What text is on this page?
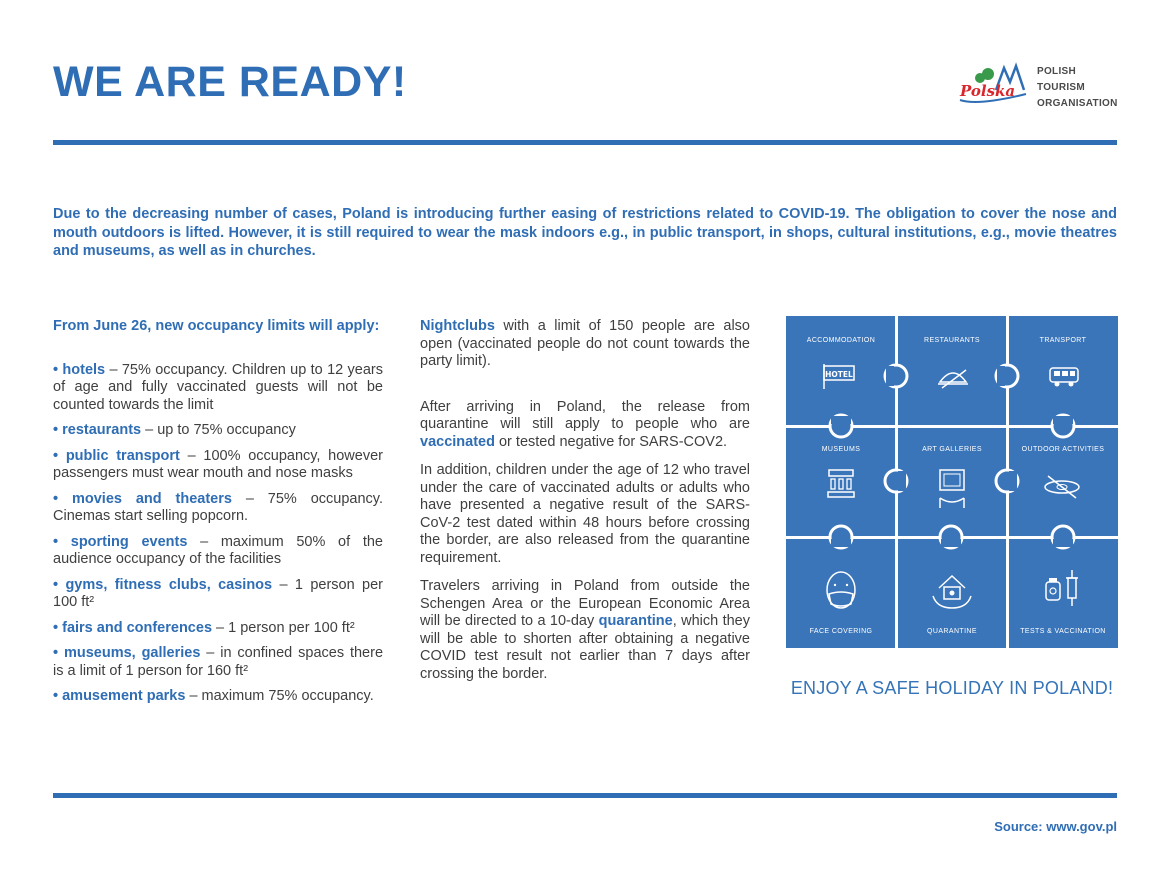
WE ARE READY!	Polska
POLISH
TOURISM
ORGANISATION

Due to the decreasing number of cases, Poland is introducing further easing of restrictions related to COVID-19. The obligation to cover the nose and mouth outdoors is lifted. However, it is still required to wear the mask indoors e.g., in public transport, in shops, cultural institutions, e.g., movie theatres and museums, as well as in churches.

From June 26, new occupancy limits will apply:

• hotels – 75% occupancy. Children up to 12 years of age and fully vaccinated guests will not be counted towards the limit
• restaurants – up to 75% occupancy
• public transport – 100% occupancy, however passengers must wear mouth and nose masks
• movies and theaters – 75% occupancy. Cinemas start selling popcorn.
• sporting events – maximum 50% of the audience occupancy of the facilities
• gyms, fitness clubs, casinos – 1 person per 100 ft²
• fairs and conferences – 1 person per 100 ft²
• museums, galleries – in confined spaces there is a limit of 1 person for 160 ft²
• amusement parks – maximum 75% occupancy.

Nightclubs with a limit of 150 people are also open (vaccinated people do not count towards the party limit).

After arriving in Poland, the release from quarantine will still apply to people who are vaccinated or tested negative for SARS-COV2.

In addition, children under the age of 12 who travel under the care of vaccinated adults or adults who have presented a negative result of the SARS-CoV-2 test dated within 48 hours before crossing the border, are also released from the quarantine requirement.

Travelers arriving in Poland from outside the Schengen Area or the European Economic Area will be directed to a 10-day quarantine, which they will be able to shorten after obtaining a negative COVID test result not earlier than 7 days after crossing the border.

ACCOMMODATION	RESTAURANTS	TRANSPORT
MUSEUMS	ART GALLERIES	OUTDOOR ACTIVITIES
FACE COVERING	QUARANTINE	TESTS & VACCINATION
HOTEL
ENJOY A SAFE HOLIDAY IN POLAND!
Source: www.gov.pl
